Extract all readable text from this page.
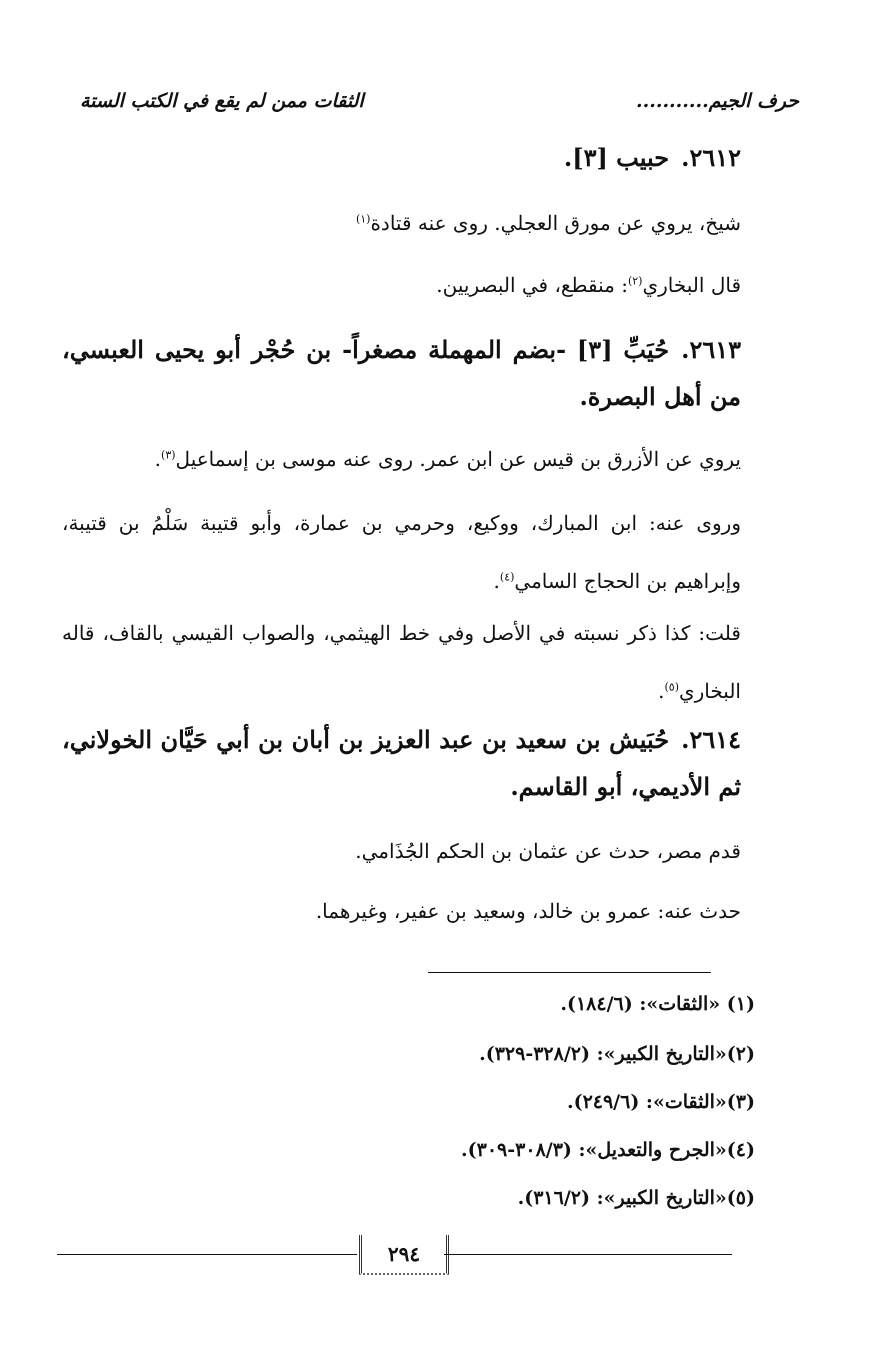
حرف الجيم...........
الثقات ممن لم يقع في الكتب الستة
٢٦١٢.حبيب [٣].
شيخ، يروي عن مورق العجلي. روى عنه قتادة$^{(١)}$
قال البخاري$^{(٢)}$: منقطع، في البصريين.
٢٦١٣.حُيَبِّ [٣] -بضم المهملة مصغراً- بن حُجْر أبو يحيى العبسي، من أهل البصرة.
يروي عن الأزرق بن قيس عن ابن عمر. روى عنه موسى بن إسماعيل$^{(٣)}$.
وروى عنه: ابن المبارك، ووكيع، وحرمي بن عمارة، وأبو قتيبة سَلْمُ بن قتيبة، وإبراهيم بن الحجاج السامي$^{(٤)}$.
قلت: كذا ذكر نسبته في الأصل وفي خط الهيثمي، والصواب القيسي بالقاف، قاله البخاري$^{(٥)}$.
٢٦١٤.حُبَيش بن سعيد بن عبد العزيز بن أبان بن أبي حَيَّان الخولاني، ثم الأديمي، أبو القاسم.
قدم مصر، حدث عن عثمان بن الحكم الجُذَامي.
حدث عنه: عمرو بن خالد، وسعيد بن عفير، وغيرهما.
(١) «الثقات»: (١٨٤/٦).
(٢)«التاريخ الكبير»: (٣٢٨/٢-٣٢٩).
(٣)«الثقات»: (٢٤٩/٦).
(٤)«الجرح والتعديل»: (٣٠٨/٣-٣٠٩).
(٥)«التاريخ الكبير»: (٣١٦/٢).
٢٩٤
